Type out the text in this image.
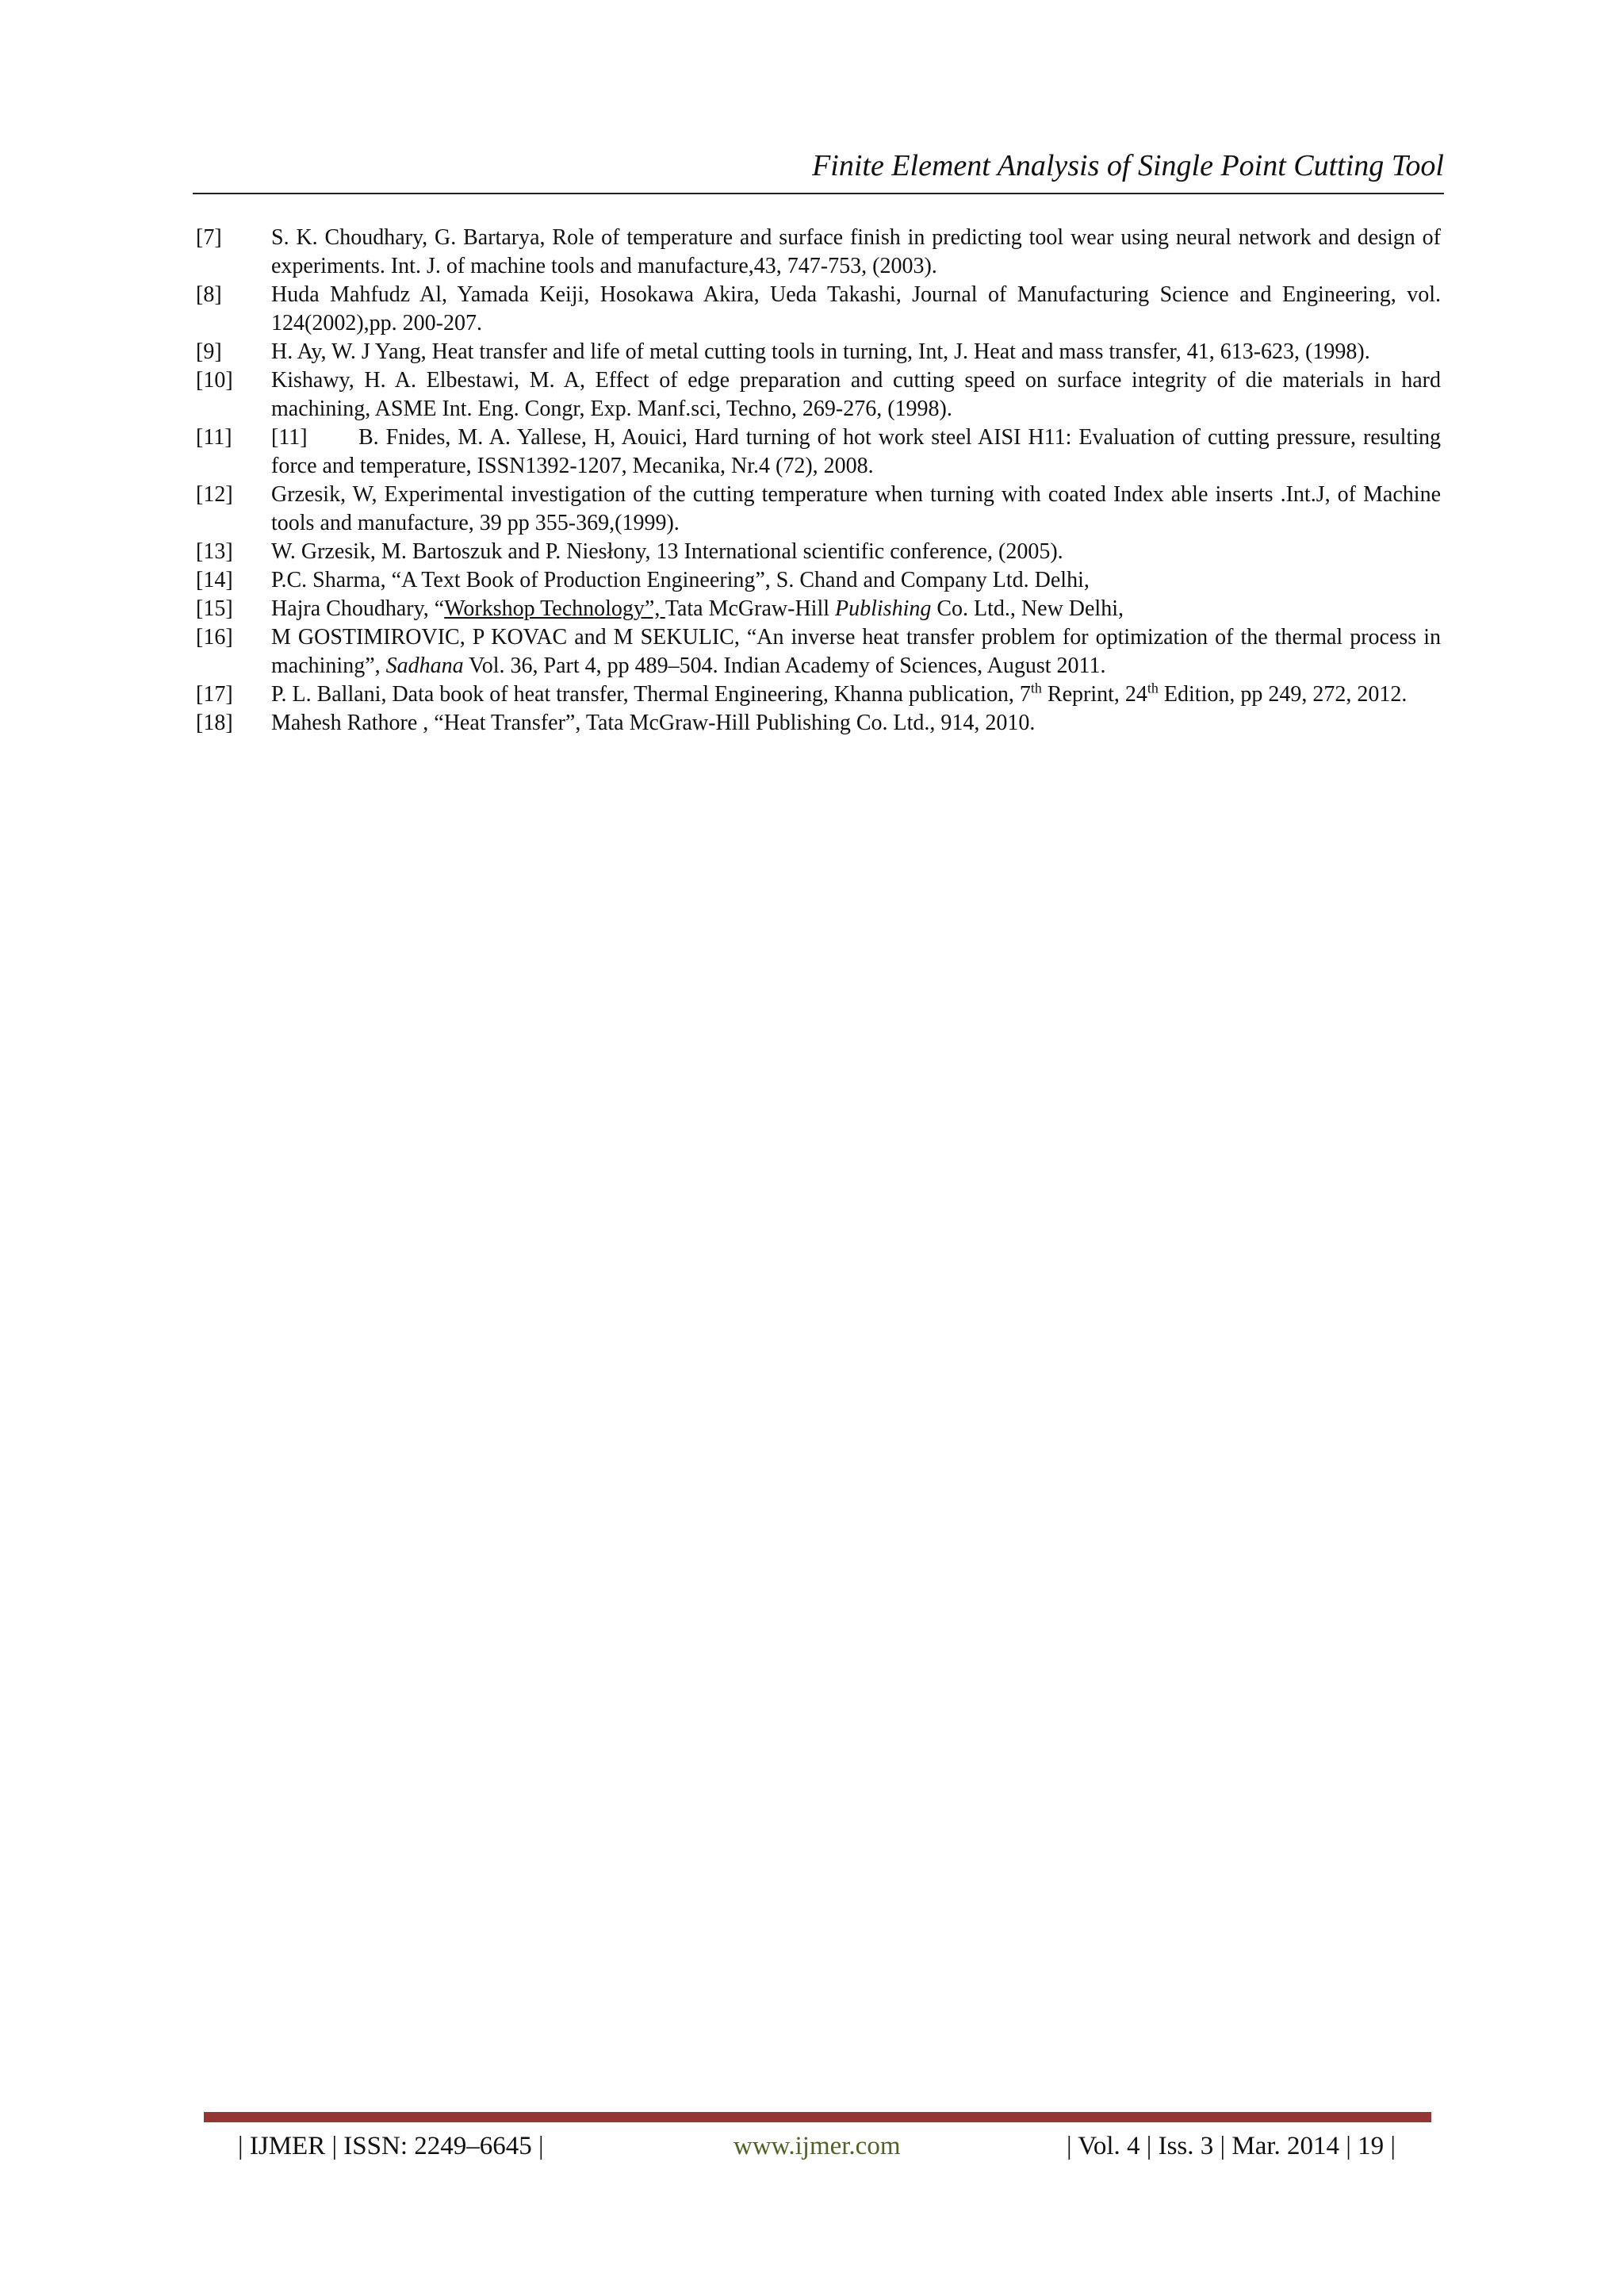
Finite Element Analysis of Single Point Cutting Tool
[7]	S. K. Choudhary, G. Bartarya, Role of temperature and surface finish in predicting tool wear using neural network and design of experiments. Int. J. of machine tools and manufacture,43, 747-753, (2003).
[8]	Huda Mahfudz Al, Yamada Keiji, Hosokawa Akira, Ueda Takashi, Journal of Manufacturing Science and Engineering, vol. 124(2002),pp. 200-207.
[9]	H. Ay, W. J Yang, Heat transfer and life of metal cutting tools in turning, Int, J. Heat and mass transfer, 41, 613-623, (1998).
[10]	Kishawy, H. A. Elbestawi, M. A, Effect of edge preparation and cutting speed on surface integrity of die materials in hard machining, ASME Int. Eng. Congr, Exp. Manf.sci, Techno, 269-276, (1998).
[11]	[11] B. Fnides, M. A. Yallese, H, Aouici, Hard turning of hot work steel AISI H11: Evaluation of cutting pressure, resulting force and temperature, ISSN1392-1207, Mecanika, Nr.4 (72), 2008.
[12]	Grzesik, W, Experimental investigation of the cutting temperature when turning with coated Index able inserts .Int.J, of Machine tools and manufacture, 39 pp 355-369,(1999).
[13]	W. Grzesik, M. Bartoszuk and P. Niesłony, 13 International scientific conference, (2005).
[14]	P.C. Sharma, “A Text Book of Production Engineering”, S. Chand and Company Ltd. Delhi,
[15]	Hajra Choudhary, “Workshop Technology”, Tata McGraw-Hill Publishing Co. Ltd., New Delhi,
[16]	M GOSTIMIROVIC, P KOVAC and M SEKULIC, “An inverse heat transfer problem for optimization of the thermal process in machining”, Sadhana Vol. 36, Part 4, pp 489–504. Indian Academy of Sciences, August 2011.
[17]	P. L. Ballani, Data book of heat transfer, Thermal Engineering, Khanna publication, 7th Reprint, 24th Edition, pp 249, 272, 2012.
[18]	Mahesh Rathore , “Heat Transfer”, Tata McGraw-Hill Publishing Co. Ltd., 914, 2010.
| IJMER | ISSN: 2249–6645 |	www.ijmer.com	| Vol. 4 | Iss. 3 | Mar. 2014 | 19 |
